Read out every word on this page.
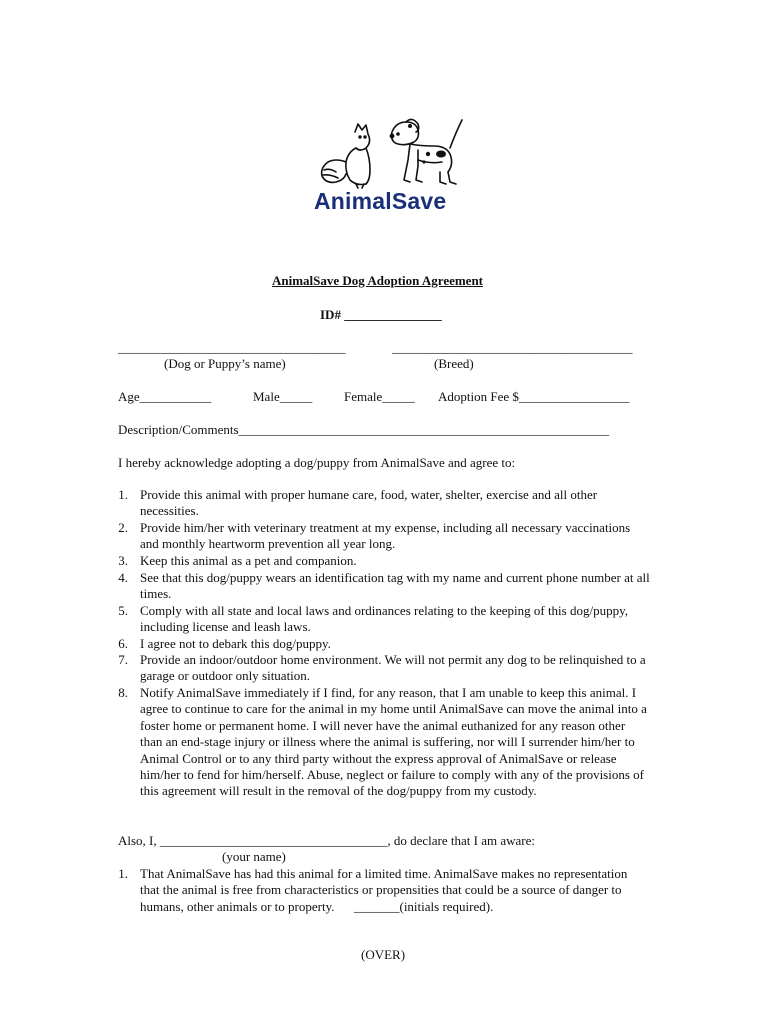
AnimalSave
AnimalSave Dog Adoption Agreement
ID# _______________
___________________________________	_____________________________________
(Dog or Puppy’s name)	(Breed)
Age___________	Male_____ Female_____ Adoption Fee $_________________
Description/Comments_________________________________________________________
I hereby acknowledge adopting a dog/puppy from AnimalSave and agree to:
1. Provide this animal with proper humane care, food, water, shelter, exercise and all other necessities.
2. Provide him/her with veterinary treatment at my expense, including all necessary vaccinations and monthly heartworm prevention all year long.
3. Keep this animal as a pet and companion.
4. See that this dog/puppy wears an identification tag with my name and current phone number at all times.
5. Comply with all state and local laws and ordinances relating to the keeping of this dog/puppy, including license and leash laws.
6. I agree not to debark this dog/puppy.
7. Provide an indoor/outdoor home environment. We will not permit any dog to be relinquished to a garage or outdoor only situation.
8. Notify AnimalSave immediately if I find, for any reason, that I am unable to keep this animal. I agree to continue to care for the animal in my home until AnimalSave can move the animal into a foster home or permanent home. I will never have the animal euthanized for any reason other than an end-stage injury or illness where the animal is suffering, nor will I surrender him/her to Animal Control or to any third party without the express approval of AnimalSave or release him/her to fend for him/herself. Abuse, neglect or failure to comply with any of the provisions of this agreement will result in the removal of the dog/puppy from my custody.
Also, I, ___________________________________, do declare that I am aware:
(your name)
1. That AnimalSave has had this animal for a limited time. AnimalSave makes no representation that the animal is free from characteristics or propensities that could be a source of danger to humans, other animals or to property. _______(initials required).
(OVER)
